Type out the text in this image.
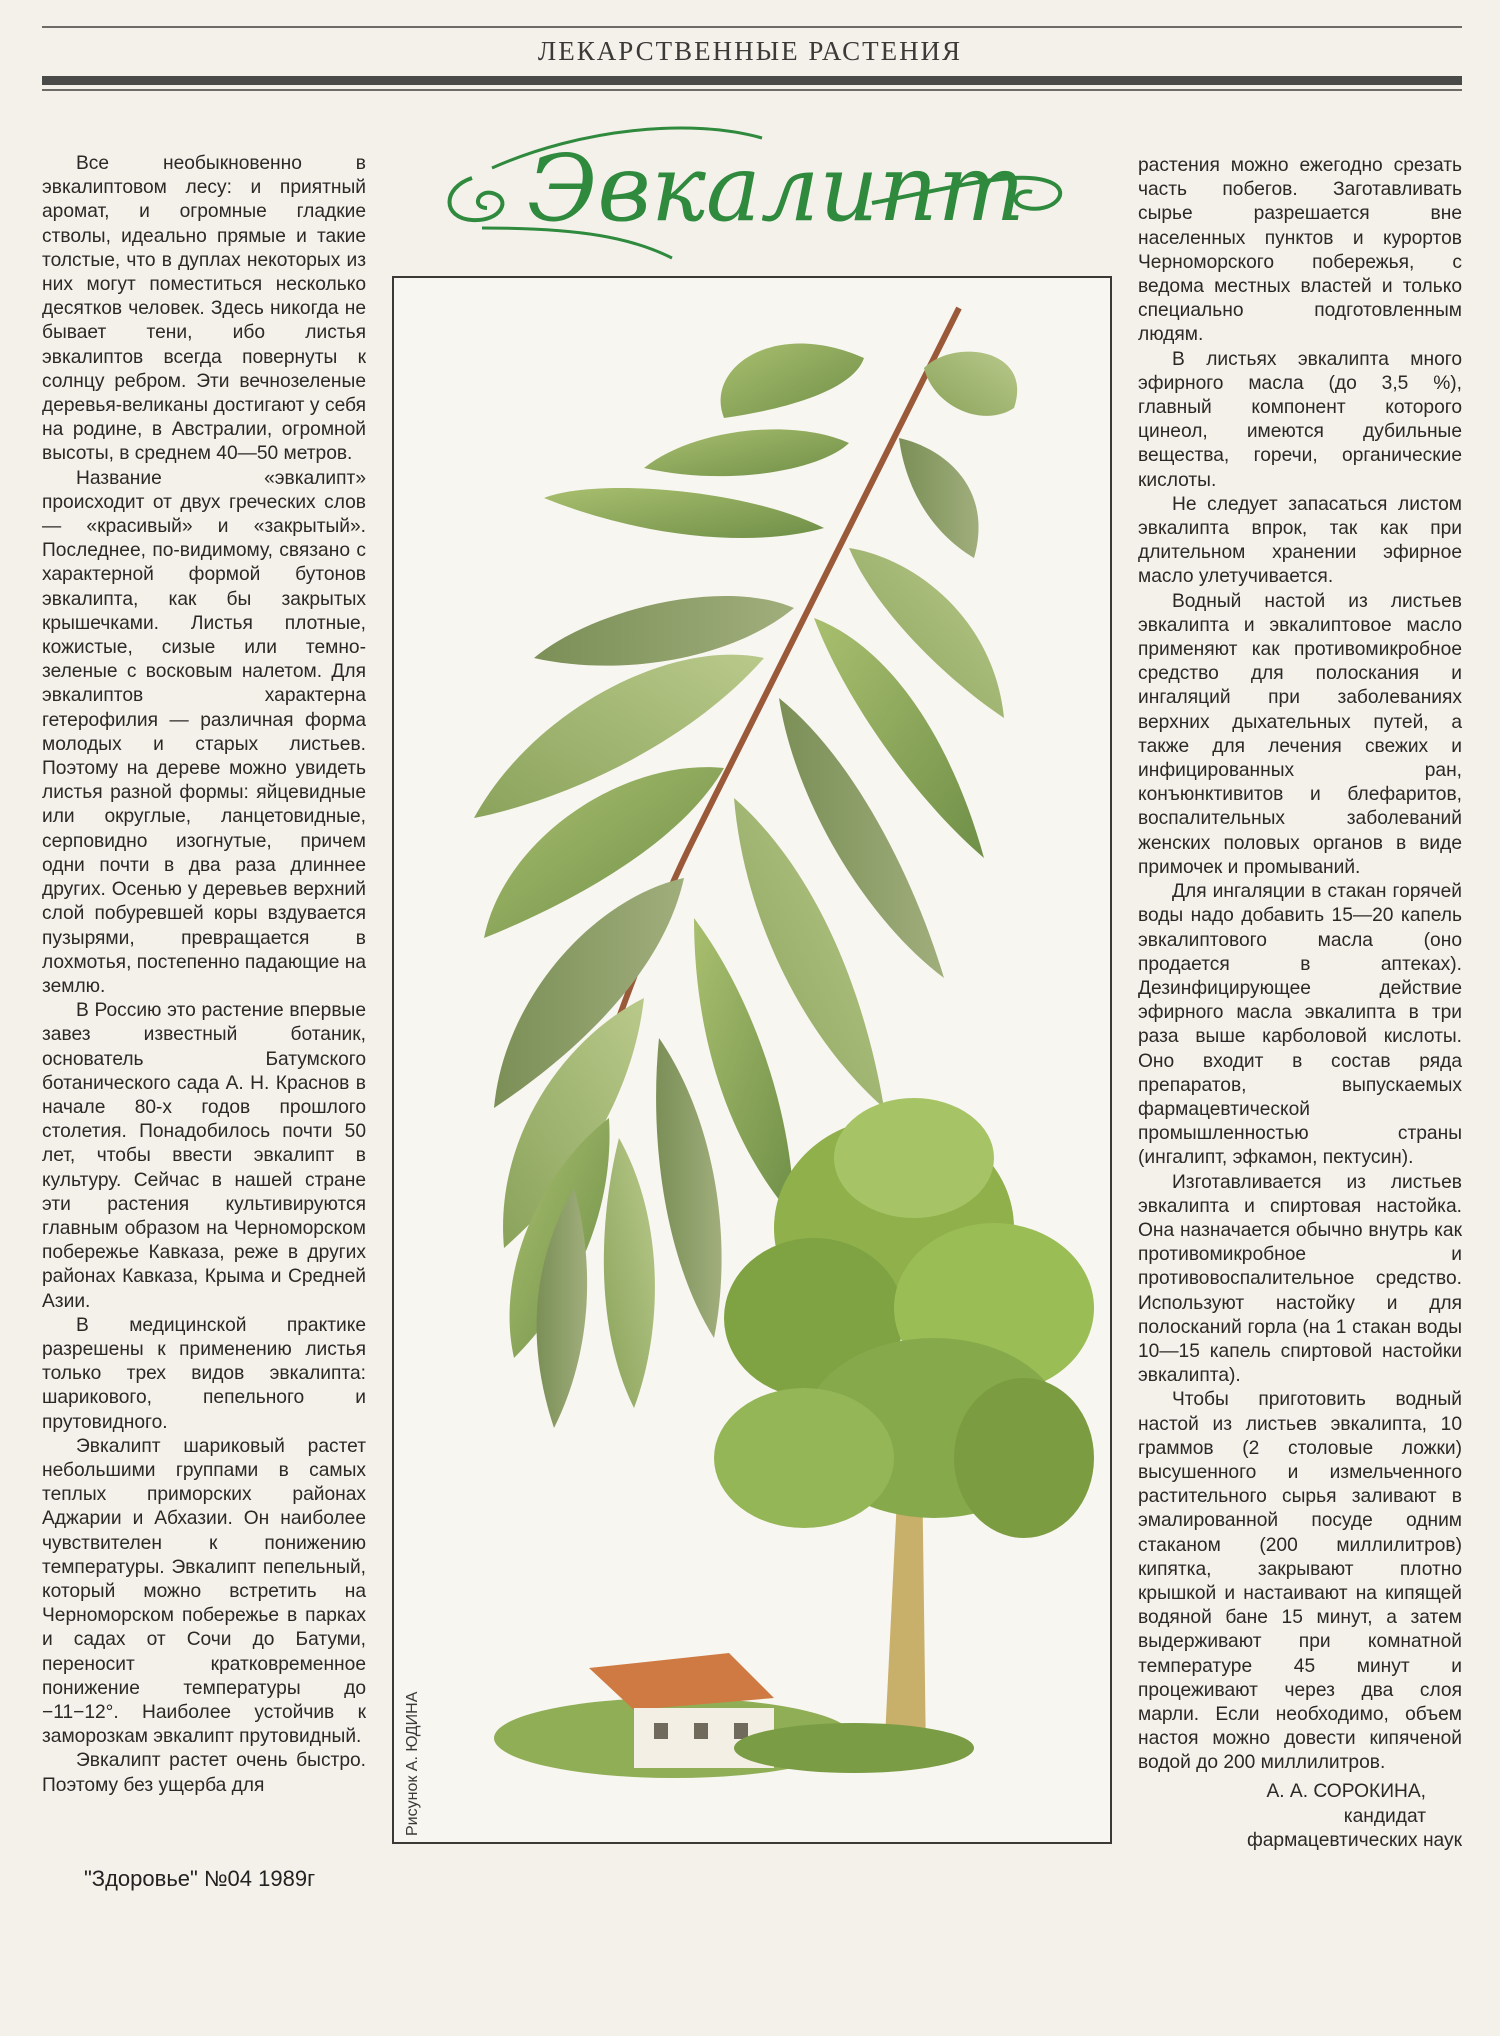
ЛЕКАРСТВЕННЫЕ РАСТЕНИЯ

Все необыкновенно в эвкалиптовом лесу: и приятный аромат, и огромные гладкие стволы, идеально прямые и такие толстые, что в дуплах некоторых из них могут поместиться несколько десятков человек. Здесь никогда не бывает тени, ибо листья эвкалиптов всегда повернуты к солнцу ребром. Эти вечнозеленые деревья-великаны достигают у себя на родине, в Австралии, огромной высоты, в среднем 40—50 метров.

Название «эвкалипт» происходит от двух греческих слов — «красивый» и «закрытый». Последнее, по-видимому, связано с характерной формой бутонов эвкалипта, как бы закрытых крышечками. Листья плотные, кожистые, сизые или темно-зеленые с восковым налетом. Для эвкалиптов характерна гетерофилия — различная форма молодых и старых листьев. Поэтому на дереве можно увидеть листья разной формы: яйцевидные или округлые, ланцетовидные, серповидно изогнутые, причем одни почти в два раза длиннее других. Осенью у деревьев верхний слой побуревшей коры вздувается пузырями, превращается в лохмотья, постепенно падающие на землю.

В Россию это растение впервые завез известный ботаник, основатель Батумского ботанического сада А. Н. Краснов в начале 80-х годов прошлого столетия. Понадобилось почти 50 лет, чтобы ввести эвкалипт в культуру. Сейчас в нашей стране эти растения культивируются главным образом на Черноморском побережье Кавказа, реже в других районах Кавказа, Крыма и Средней Азии.

В медицинской практике разрешены к применению листья только трех видов эвкалипта: шарикового, пепельного и прутовидного.

Эвкалипт шариковый растет небольшими группами в самых теплых приморских районах Аджарии и Абхазии. Он наиболее чувствителен к понижению температуры. Эвкалипт пепельный, который можно встретить на Черноморском побережье в парках и садах от Сочи до Батуми, переносит кратковременное понижение температуры до −11−12°. Наиболее устойчив к заморозкам эвкалипт прутовидный.

Эвкалипт растет очень быстро. Поэтому без ущерба для

Эвкалипт
Рисунок А. ЮДИНА

растения можно ежегодно срезать часть побегов. Заготавливать сырье разрешается вне населенных пунктов и курортов Черноморского побережья, с ведома местных властей и только специально подготовленным людям.

В листьях эвкалипта много эфирного масла (до 3,5 %), главный компонент которого цинеол, имеются дубильные вещества, горечи, органические кислоты.

Не следует запасаться листом эвкалипта впрок, так как при длительном хранении эфирное масло улетучивается.

Водный настой из листьев эвкалипта и эвкалиптовое масло применяют как противомикробное средство для полоскания и ингаляций при заболеваниях верхних дыхательных путей, а также для лечения свежих и инфицированных ран, конъюнктивитов и блефаритов, воспалительных заболеваний женских половых органов в виде примочек и промываний.

Для ингаляции в стакан горячей воды надо добавить 15—20 капель эвкалиптового масла (оно продается в аптеках). Дезинфицирующее действие эфирного масла эвкалипта в три раза выше карболовой кислоты. Оно входит в состав ряда препаратов, выпускаемых фармацевтической промышленностью страны (ингалипт, эфкамон, пектусин).

Изготавливается из листьев эвкалипта и спиртовая настойка. Она назначается обычно внутрь как противомикробное и противовоспалительное средство. Используют настойку и для полосканий горла (на 1 стакан воды 10—15 капель спиртовой настойки эвкалипта).

Чтобы приготовить водный настой из листьев эвкалипта, 10 граммов (2 столовые ложки) высушенного и измельченного растительного сырья заливают в эмалированной посуде одним стаканом (200 миллилитров) кипятка, закрывают плотно крышкой и настаивают на кипящей водяной бане 15 минут, а затем выдерживают при комнатной температуре 45 минут и процеживают через два слоя марли. Если необходимо, объем настоя можно довести кипяченой водой до 200 миллилитров.

А. А. СОРОКИНА,
кандидат
фармацевтических наук
"Здоровье" №04 1989г
